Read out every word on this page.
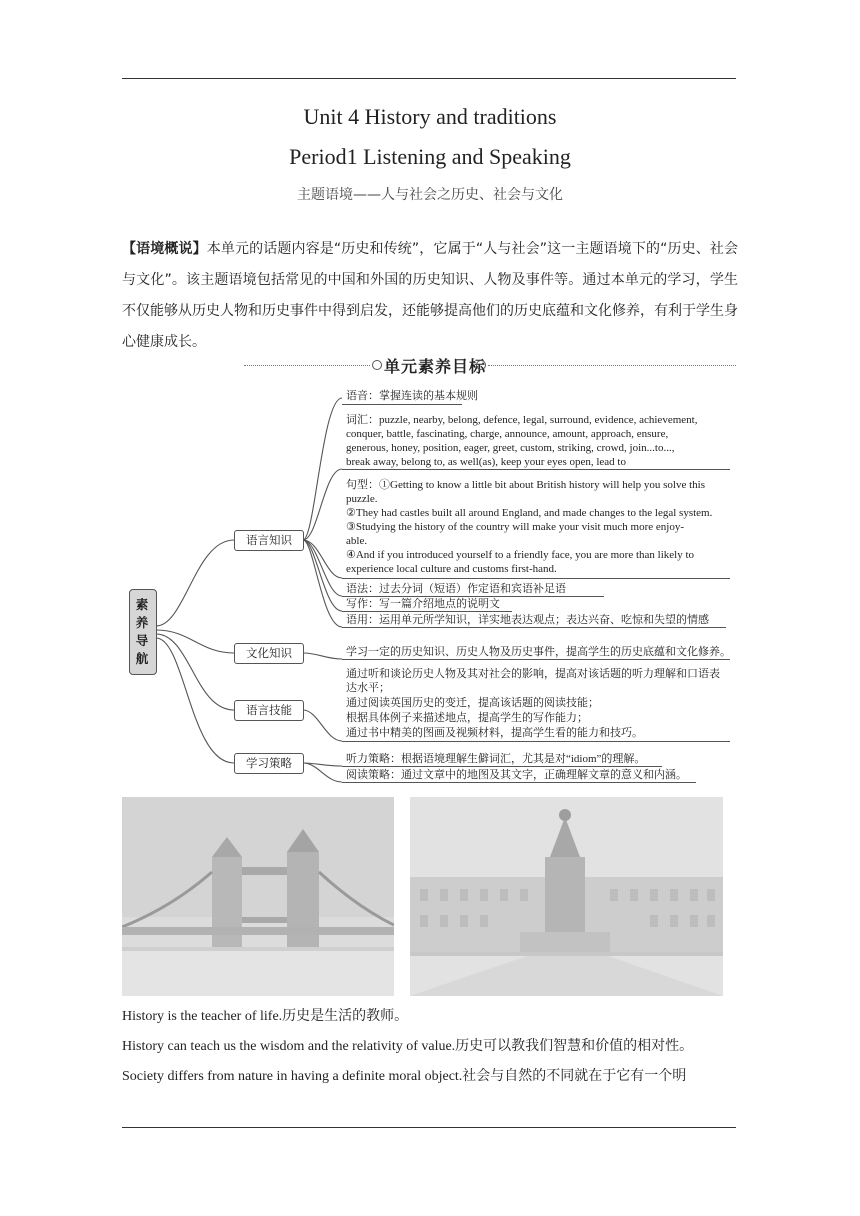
Unit 4 History and traditions
Period1 Listening and Speaking
主题语境——人与社会之历史、社会与文化
【语境概说】本单元的话题内容是“历史和传统”，它属于“人与社会”这一主题语境下的“历史、社会与文化”。该主题语境包括常见的中国和外国的历史知识、人物及事件等。通过本单元的学习，学生不仅能够从历史人物和历史事件中得到启发，还能够提高他们的历史底蕴和文化修养，有利于学生身心健康成长。
单元素养目标
素养导航
语言知识
文化知识
语言技能
学习策略
语音：掌握连读的基本规则
词汇：puzzle, nearby, belong, defence, legal, surround, evidence, achievement,
conquer, battle, fascinating, charge, announce, amount, approach, ensure,
generous, honey, position, eager, greet, custom, striking, crowd, join...to...,
break away, belong to, as well(as), keep your eyes open, lead to
句型：①Getting to know a little bit about British history will help you solve this
puzzle.
②They had castles built all around England, and made changes to the legal system.
③Studying the history of the country will make your visit much more enjoy-
able.
④And if you introduced yourself to a friendly face, you are more than likely to
experience local culture and customs first-hand.
语法：过去分词（短语）作定语和宾语补足语
写作：写一篇介绍地点的说明文
语用：运用单元所学知识，详实地表达观点；表达兴奋、吃惊和失望的情感
学习一定的历史知识、历史人物及历史事件，提高学生的历史底蕴和文化修养。
通过听和谈论历史人物及其对社会的影响，提高对该话题的听力理解和口语表
达水平；
通过阅读英国历史的变迁，提高该话题的阅读技能；
根据具体例子来描述地点，提高学生的写作能力；
通过书中精美的图画及视频材料，提高学生看的能力和技巧。
听力策略：根据语境理解生僻词汇，尤其是对“idiom”的理解。
阅读策略：通过文章中的地图及其文字，正确理解文章的意义和内涵。
History is the teacher of life.历史是生活的教师。
History can teach us the wisdom and the relativity of value.历史可以教我们智慧和价值的相对性。
Society differs from nature in having a definite moral object.社会与自然的不同就在于它有一个明
